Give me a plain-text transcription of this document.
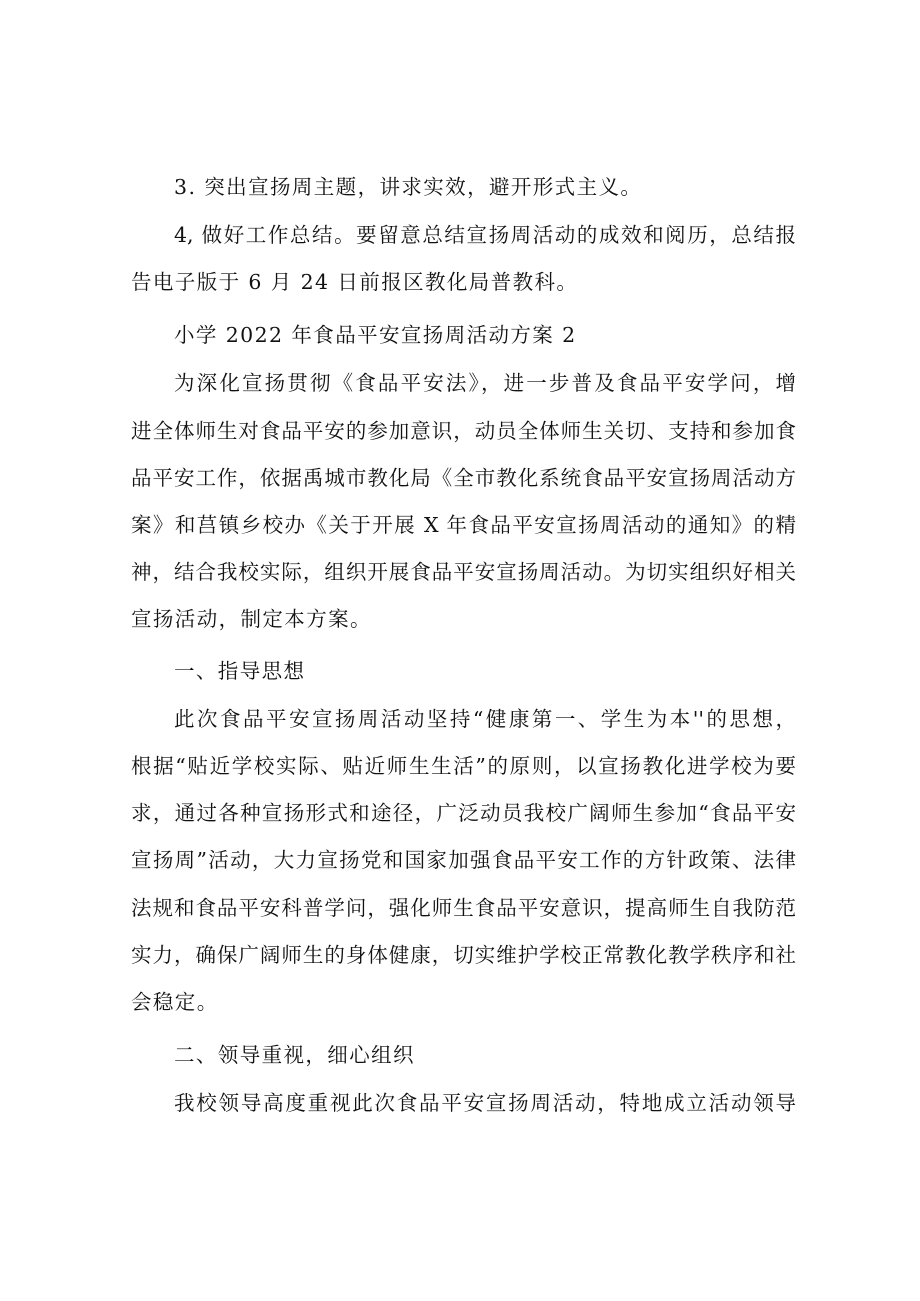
3. 突出宣扬周主题，讲求实效，避开形式主义。
4, 做好工作总结。要留意总结宣扬周活动的成效和阅历，总结报
告电子版于 6 月 24 日前报区教化局普教科。
小学 2022 年食品平安宣扬周活动方案 2
为深化宣扬贯彻《食品平安法》，进一步普及食品平安学问，增
进全体师生对食品平安的参加意识，动员全体师生关切、支持和参加食
品平安工作，依据禹城市教化局《全市教化系统食品平安宣扬周活动方
案》和莒镇乡校办《关于开展 X 年食品平安宣扬周活动的通知》的精
神，结合我校实际，组织开展食品平安宣扬周活动。为切实组织好相关
宣扬活动，制定本方案。
一、指导思想
此次食品平安宣扬周活动坚持“健康第一、学生为本''的思想，
根据“贴近学校实际、贴近师生生活”的原则，以宣扬教化进学校为要
求，通过各种宣扬形式和途径，广泛动员我校广阔师生参加“食品平安
宣扬周”活动，大力宣扬党和国家加强食品平安工作的方针政策、法律
法规和食品平安科普学问，强化师生食品平安意识，提高师生自我防范
实力，确保广阔师生的身体健康，切实维护学校正常教化教学秩序和社
会稳定。
二、领导重视，细心组织
我校领导高度重视此次食品平安宣扬周活动，特地成立活动领导
